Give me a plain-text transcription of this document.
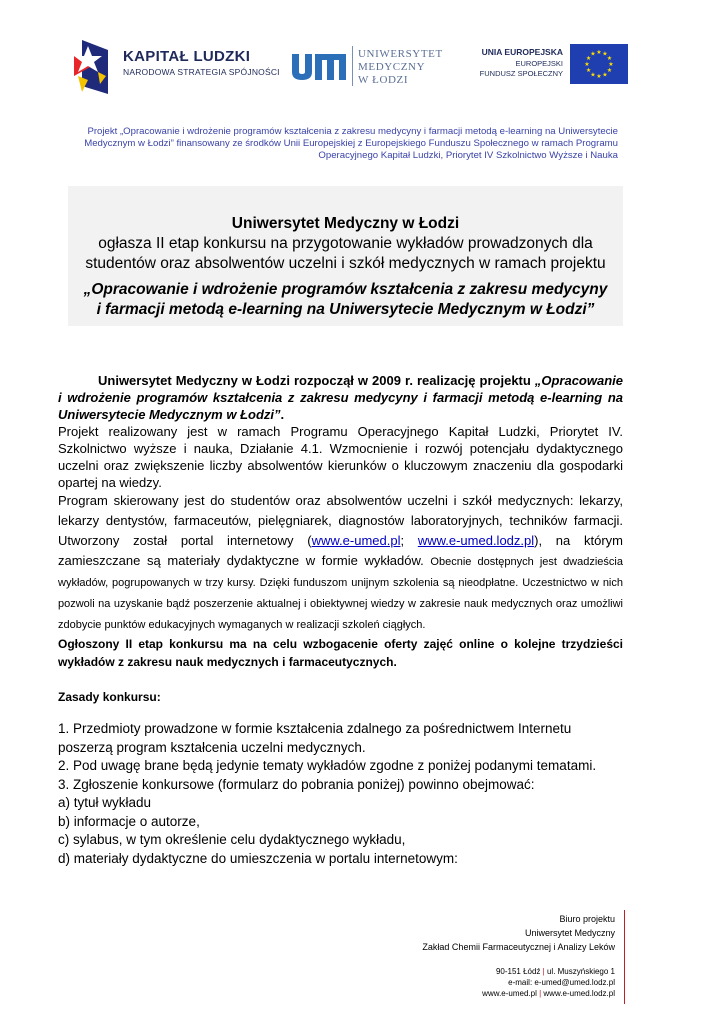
KAPITAŁ LUDZKI
NARODOWA STRATEGIA SPÓJNOŚCI
UNIWERSYTET
MEDYCZNY
W ŁODZI
UNIA EUROPEJSKA
EUROPEJSKI
FUNDUSZ SPOŁECZNY
★ ★
★
★
★
★
★
★
★
★
★
★
Projekt „Opracowanie i wdrożenie programów kształcenia z zakresu medycyny i farmacji metodą e-learning na Uniwersytecie Medycznym w Łodzi” finansowany ze środków Unii Europejskiej z Europejskiego Funduszu Społecznego w ramach Programu Operacyjnego Kapitał Ludzki, Priorytet IV Szkolnictwo Wyższe i Nauka
Uniwersytet Medyczny w Łodzi
ogłasza II etap konkursu na przygotowanie wykładów prowadzonych dla
studentów oraz absolwentów uczelni i szkół medycznych w ramach projektu
„Opracowanie i wdrożenie programów kształcenia z zakresu medycyny
i farmacji metodą e-learning na Uniwersytecie Medycznym w Łodzi”

Uniwersytet Medyczny w Łodzi rozpoczął w 2009 r. realizację projektu „Opracowanie i wdrożenie programów kształcenia z zakresu medycyny i farmacji metodą e-learning na Uniwersytecie Medycznym w Łodzi”.

Projekt realizowany jest w ramach Programu Operacyjnego Kapitał Ludzki, Priorytet IV. Szkolnictwo wyższe i nauka, Działanie 4.1. Wzmocnienie i rozwój potencjału dydaktycznego uczelni oraz zwiększenie liczby absolwentów kierunków o kluczowym znaczeniu dla gospodarki opartej na wiedzy.

Program skierowany jest do studentów oraz absolwentów uczelni i szkół medycznych: lekarzy, lekarzy dentystów, farmaceutów, pielęgniarek, diagnostów laboratoryjnych, techników farmacji. Utworzony został portal internetowy (www.e-umed.pl; www.e-umed.lodz.pl), na którym zamieszczane są materiały dydaktyczne w formie wykładów. Obecnie dostępnych jest dwadzieścia wykładów, pogrupowanych w trzy kursy. Dzięki funduszom unijnym szkolenia są nieodpłatne. Uczestnictwo w nich pozwoli na uzyskanie bądź poszerzenie aktualnej i obiektywnej wiedzy w zakresie nauk medycznych oraz umożliwi zdobycie punktów edukacyjnych wymaganych w realizacji szkoleń ciągłych.

Ogłoszony II etap konkursu ma na celu wzbogacenie oferty zajęć online o kolejne trzydzieści wykładów z zakresu nauk medycznych i farmaceutycznych.

Zasady konkursu:

1. Przedmioty prowadzone w formie kształcenia zdalnego za pośrednictwem Internetu poszerzą program kształcenia uczelni medycznych.
2. Pod uwagę brane będą jedynie tematy wykładów zgodne z poniżej podanymi tematami.
3. Zgłoszenie konkursowe (formularz do pobrania poniżej) powinno obejmować:
a) tytuł wykładu
b) informacje o autorze,
c) sylabus, w tym określenie celu dydaktycznego wykładu,
d) materiały dydaktyczne do umieszczenia w portalu internetowym:
Biuro projektu
Uniwersytet Medyczny
Zakład Chemii Farmaceutycznej i Analizy Leków
90-151 Łódź | ul. Muszyńskiego 1
e-mail: e-umed@umed.lodz.pl
www.e-umed.pl | www.e-umed.lodz.pl
